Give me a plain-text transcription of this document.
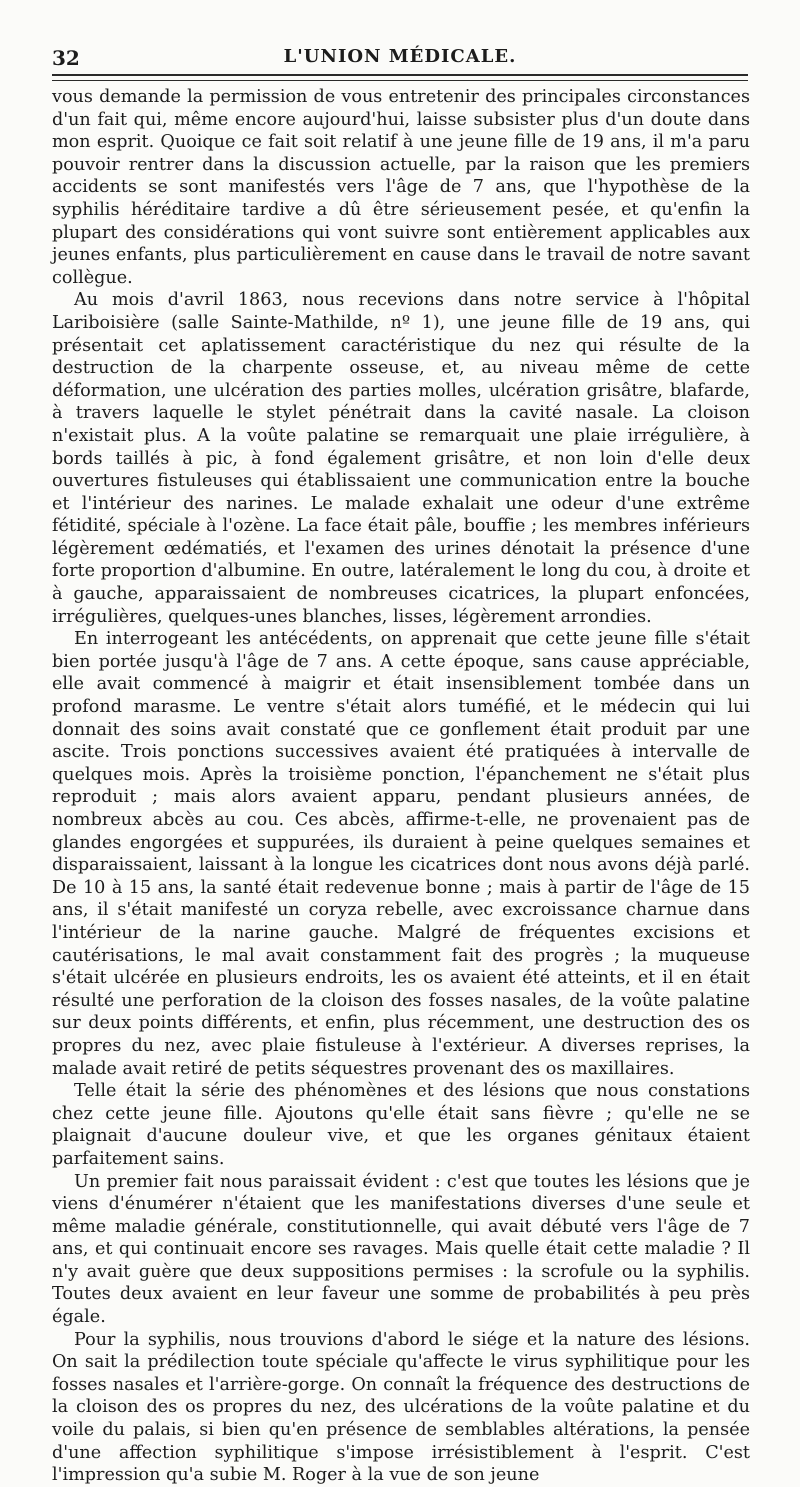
32	L'UNION MÉDICALE.

vous demande la permission de vous entretenir des principales circonstances d'un fait qui, même encore aujourd'hui, laisse subsister plus d'un doute dans mon esprit. Quoique ce fait soit relatif à une jeune fille de 19 ans, il m'a paru pouvoir rentrer dans la discussion actuelle, par la raison que les premiers accidents se sont manifestés vers l'âge de 7 ans, que l'hypothèse de la syphilis héréditaire tardive a dû être sérieusement pesée, et qu'enfin la plupart des considérations qui vont suivre sont entièrement applicables aux jeunes enfants, plus particulièrement en cause dans le travail de notre savant collègue.

Au mois d'avril 1863, nous recevions dans notre service à l'hôpital Lariboisière (salle Sainte-Mathilde, nº 1), une jeune fille de 19 ans, qui présentait cet aplatissement caractéristique du nez qui résulte de la destruction de la charpente osseuse, et, au niveau même de cette déformation, une ulcération des parties molles, ulcération grisâtre, blafarde, à travers laquelle le stylet pénétrait dans la cavité nasale. La cloison n'existait plus. A la voûte palatine se remarquait une plaie irrégulière, à bords taillés à pic, à fond également grisâtre, et non loin d'elle deux ouvertures fistuleuses qui établissaient une communication entre la bouche et l'intérieur des narines. Le malade exhalait une odeur d'une extrême fétidité, spéciale à l'ozène. La face était pâle, bouffie ; les membres inférieurs légèrement œdématiés, et l'examen des urines dénotait la présence d'une forte proportion d'albumine. En outre, latéralement le long du cou, à droite et à gauche, apparaissaient de nombreuses cicatrices, la plupart enfoncées, irrégulières, quelques-unes blanches, lisses, légèrement arrondies.

En interrogeant les antécédents, on apprenait que cette jeune fille s'était bien portée jusqu'à l'âge de 7 ans. A cette époque, sans cause appréciable, elle avait commencé à maigrir et était insensiblement tombée dans un profond marasme. Le ventre s'était alors tuméfié, et le médecin qui lui donnait des soins avait constaté que ce gonflement était produit par une ascite. Trois ponctions successives avaient été pratiquées à intervalle de quelques mois. Après la troisième ponction, l'épanchement ne s'était plus reproduit ; mais alors avaient apparu, pendant plusieurs années, de nombreux abcès au cou. Ces abcès, affirme-t-elle, ne provenaient pas de glandes engorgées et suppurées, ils duraient à peine quelques semaines et disparaissaient, laissant à la longue les cicatrices dont nous avons déjà parlé. De 10 à 15 ans, la santé était redevenue bonne ; mais à partir de l'âge de 15 ans, il s'était manifesté un coryza rebelle, avec excroissance charnue dans l'intérieur de la narine gauche. Malgré de fréquentes excisions et cautérisations, le mal avait constamment fait des progrès ; la muqueuse s'était ulcérée en plusieurs endroits, les os avaient été atteints, et il en était résulté une perforation de la cloison des fosses nasales, de la voûte palatine sur deux points différents, et enfin, plus récemment, une destruction des os propres du nez, avec plaie fistuleuse à l'extérieur. A diverses reprises, la malade avait retiré de petits séquestres provenant des os maxillaires.

Telle était la série des phénomènes et des lésions que nous constations chez cette jeune fille. Ajoutons qu'elle était sans fièvre ; qu'elle ne se plaignait d'aucune douleur vive, et que les organes génitaux étaient parfaitement sains.

Un premier fait nous paraissait évident : c'est que toutes les lésions que je viens d'énumérer n'étaient que les manifestations diverses d'une seule et même maladie générale, constitutionnelle, qui avait débuté vers l'âge de 7 ans, et qui continuait encore ses ravages. Mais quelle était cette maladie ? Il n'y avait guère que deux suppositions permises : la scrofule ou la syphilis. Toutes deux avaient en leur faveur une somme de probabilités à peu près égale.

Pour la syphilis, nous trouvions d'abord le siége et la nature des lésions. On sait la prédilection toute spéciale qu'affecte le virus syphilitique pour les fosses nasales et l'arrière-gorge. On connaît la fréquence des destructions de la cloison des os propres du nez, des ulcérations de la voûte palatine et du voile du palais, si bien qu'en présence de semblables altérations, la pensée d'une affection syphilitique s'impose irrésistiblement à l'esprit. C'est l'impression qu'a subie M. Roger à la vue de son jeune
